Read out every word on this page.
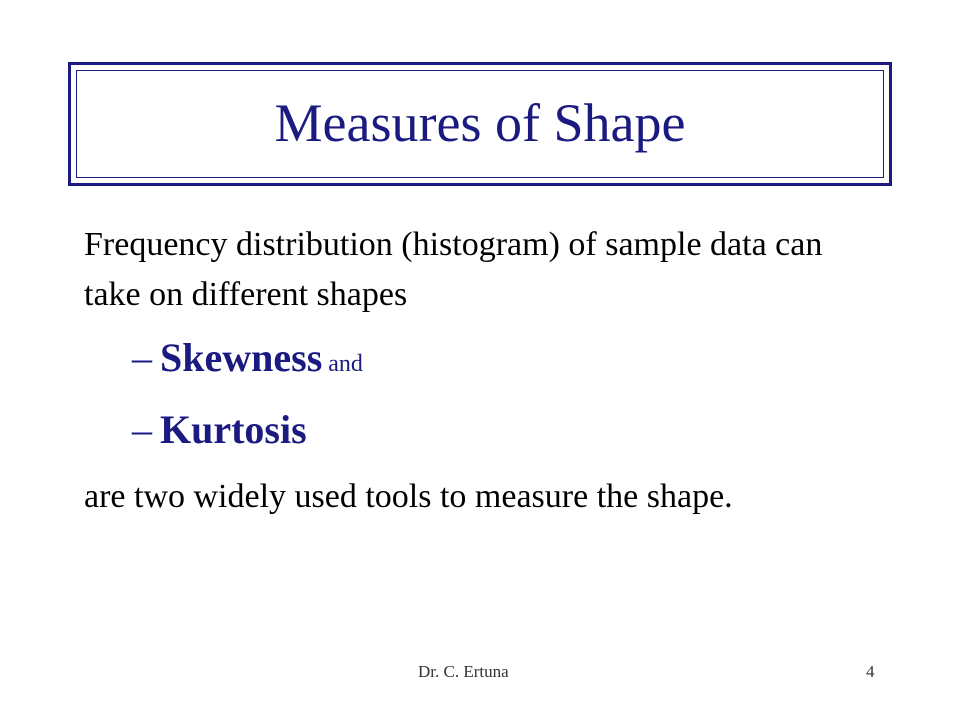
Measures of Shape
Frequency distribution (histogram) of sample data can take on different shapes
– Skewness and
– Kurtosis
are two widely used tools to measure the shape.
Dr. C. Ertuna	4
